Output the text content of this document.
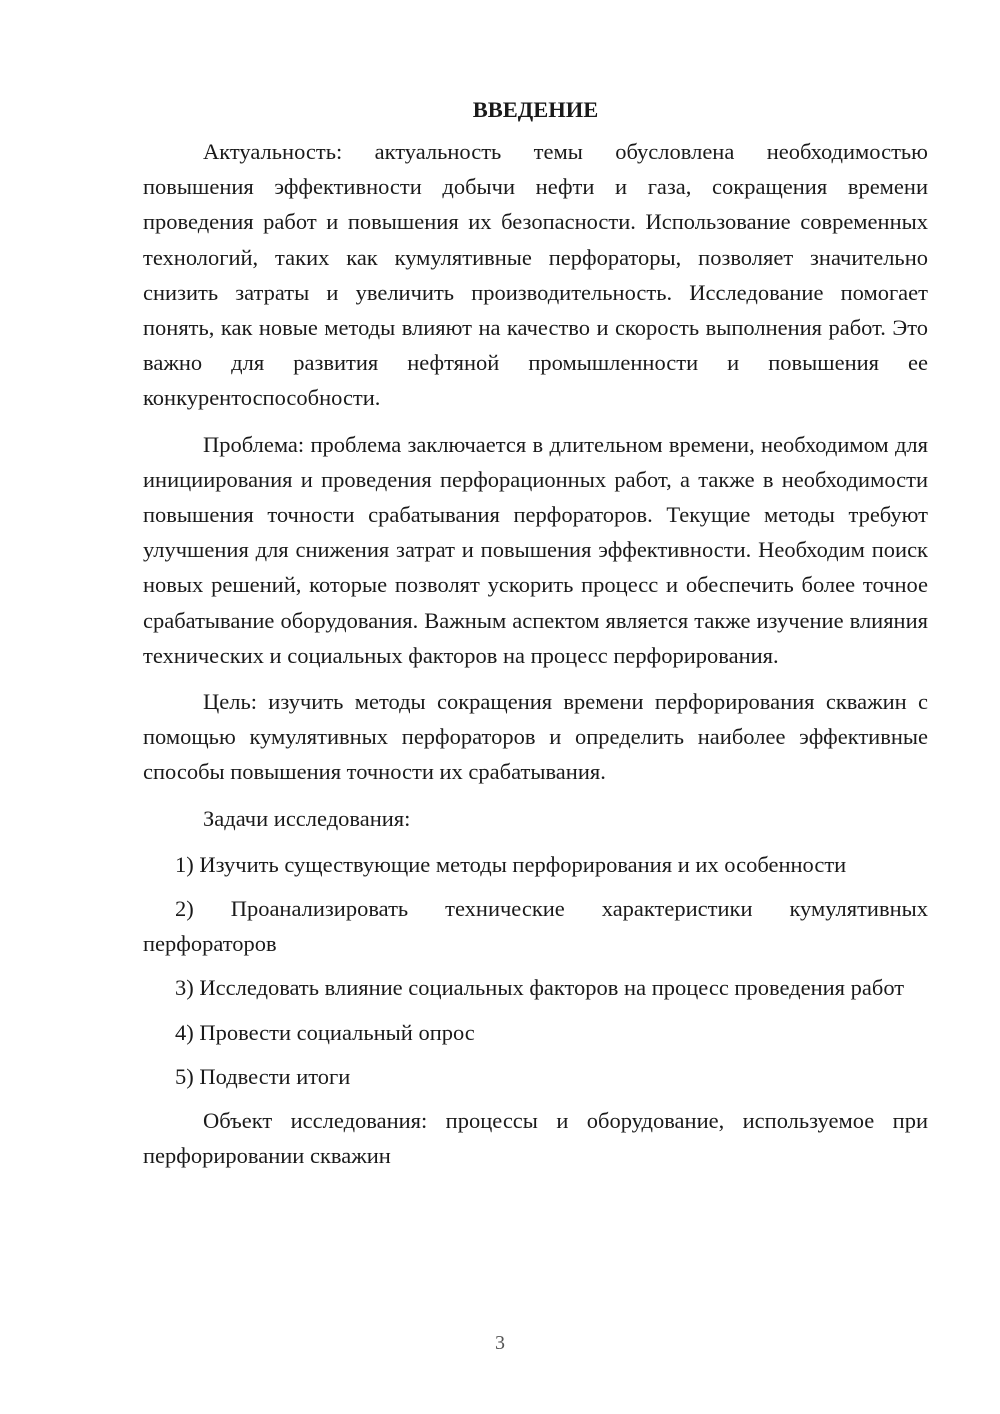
ВВЕДЕНИЕ

Актуальность: актуальность темы обусловлена необходимостью повышения эффективности добычи нефти и газа, сокращения времени проведения работ и повышения их безопасности. Использование современных технологий, таких как кумулятивные перфораторы, позволяет значительно снизить затраты и увеличить производительность. Исследование помогает понять, как новые методы влияют на качество и скорость выполнения работ. Это важно для развития нефтяной промышленности и повышения ее конкурентоспособности.

Проблема: проблема заключается в длительном времени, необходимом для инициирования и проведения перфорационных работ, а также в необходимости повышения точности срабатывания перфораторов. Текущие методы требуют улучшения для снижения затрат и повышения эффективности. Необходим поиск новых решений, которые позволят ускорить процесс и обеспечить более точное срабатывание оборудования. Важным аспектом является также изучение влияния технических и социальных факторов на процесс перфорирования.

Цель: изучить методы сокращения времени перфорирования скважин с помощью кумулятивных перфораторов и определить наиболее эффективные способы повышения точности их срабатывания.

Задачи исследования:

1) Изучить существующие методы перфорирования и их особенности

2) Проанализировать технические характеристики кумулятивных перфораторов

3) Исследовать влияние социальных факторов на процесс проведения работ

4) Провести социальный опрос

5) Подвести итоги

Объект исследования: процессы и оборудование, используемое при перфорировании скважин

3
